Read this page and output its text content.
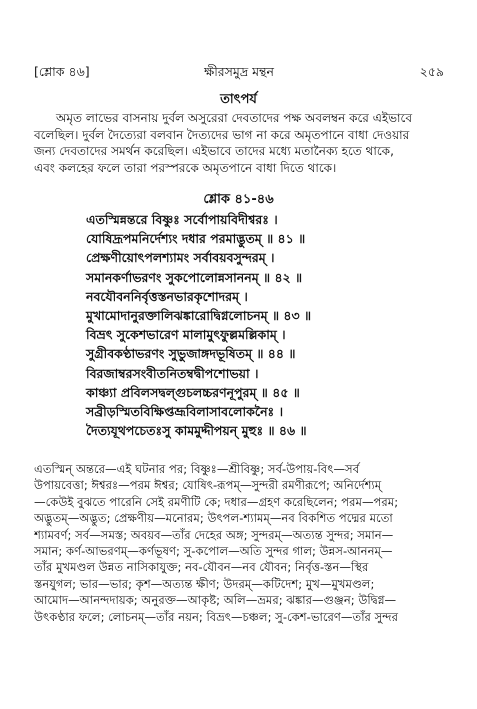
[শ্লোক ৪৬]	ক্ষীরসমুদ্র মন্থন	২৫৯
তাৎপর্য

অমৃত লাভের বাসনায় দুর্বল অসুরেরা দেবতাদের পক্ষ অবলম্বন করে এইভাবে

বলেছিল। দুর্বল দৈত্যেরা বলবান দৈত্যদের ভাগ না করে অমৃতপানে বাধা দেওয়ার

জন্য দেবতাদের সমর্থন করেছিল। এইভাবে তাদের মধ্যে মতানৈক্য হতে থাকে,

এবং কলহের ফলে তারা পরস্পরকে অমৃতপানে বাধা দিতে থাকে।

শ্লোক ৪১-৪৬
এতস্মিন্নন্তরে বিষ্ণুঃ সর্বোপায়বিদীশ্বরঃ ।
যোষিদ্রূপমনির্দেশ্যং দধার পরমাদ্ভুতম্ ॥ ৪১ ॥
প্রেক্ষণীয়োৎপলশ্যামং সর্বাবয়বসুন্দরম্ ।
সমানকর্ণাভরণং সুকপোলোন্নসাননম্ ॥ ৪২ ॥
নবযৌবননির্বৃত্তস্তনভারকৃশোদরম্ ।
মুখামোদানুরক্তালিঝঙ্কারোদ্বিগ্নলোচনম্ ॥ ৪৩ ॥
বিভ্রৎ সুকেশভারেণ মালামুৎফুল্লমল্লিকাম্ ।
সুগ্রীবকণ্ঠাভরণং সুভুজাঙ্গদভূষিতম্ ॥ ৪৪ ॥
বিরজাম্বরসংবীতনিতম্বদ্বীপশোভয়া ।
কাঞ্চ্যা প্রবিলসদ্বল্গুচলচ্চরণনূপুরম্ ॥ ৪৫ ॥
সব্রীড়স্মিতবিক্ষিপ্তভ্রূবিলাসাবলোকনৈঃ ।
দৈত্যযূথপচেতঃসু কামমুদ্দীপয়ন্ মুহুঃ ॥ ৪৬ ॥
এতস্মিন্ অন্তরে—এই ঘটনার পর; বিষ্ণুঃ—শ্রীবিষ্ণু; সর্ব-উপায়-বিৎ—সর্ব
উপায়বেত্তা; ঈশ্বরঃ—পরম ঈশ্বর; যোষিৎ-রূপম্—সুন্দরী রমণীরূপে; অনির্দেশ্যম্
—কেউই বুঝতে পারেনি সেই রমণীটি কে; দধার—গ্রহণ করেছিলেন; পরম—পরম;
অদ্ভুতম্—অদ্ভুত; প্রেক্ষণীয়—মনোরম; উৎপল-শ্যামম্—নব বিকশিত পদ্মের মতো
শ্যামবর্ণ; সর্ব—সমস্ত; অবয়ব—তাঁর দেহের অঙ্গ; সুন্দরম্—অত্যন্ত সুন্দর; সমান—
সমান; কর্ণ-আভরণম্—কর্ণভূষণ; সু-কপোল—অতি সুন্দর গাল; উন্নস-আননম্—
তাঁর মুখমণ্ডল উন্নত নাসিকাযুক্ত; নব-যৌবন—নব যৌবন; নির্বৃত্ত-স্তন—স্থির
স্তনযুগল; ভার—ভার; কৃশ—অত্যন্ত ক্ষীণ; উদরম্—কটিদেশ; মুখ—মুখমণ্ডল;
আমোদ—আনন্দদায়ক; অনুরক্ত—আকৃষ্ট; অলি—ভ্রমর; ঝঙ্কার—গুঞ্জন; উদ্বিগ্ন—
উৎকণ্ঠার ফলে; লোচনম্—তাঁর নয়ন; বিভ্রৎ—চঞ্চল; সু-কেশ-ভারেণ—তাঁর সুন্দর
